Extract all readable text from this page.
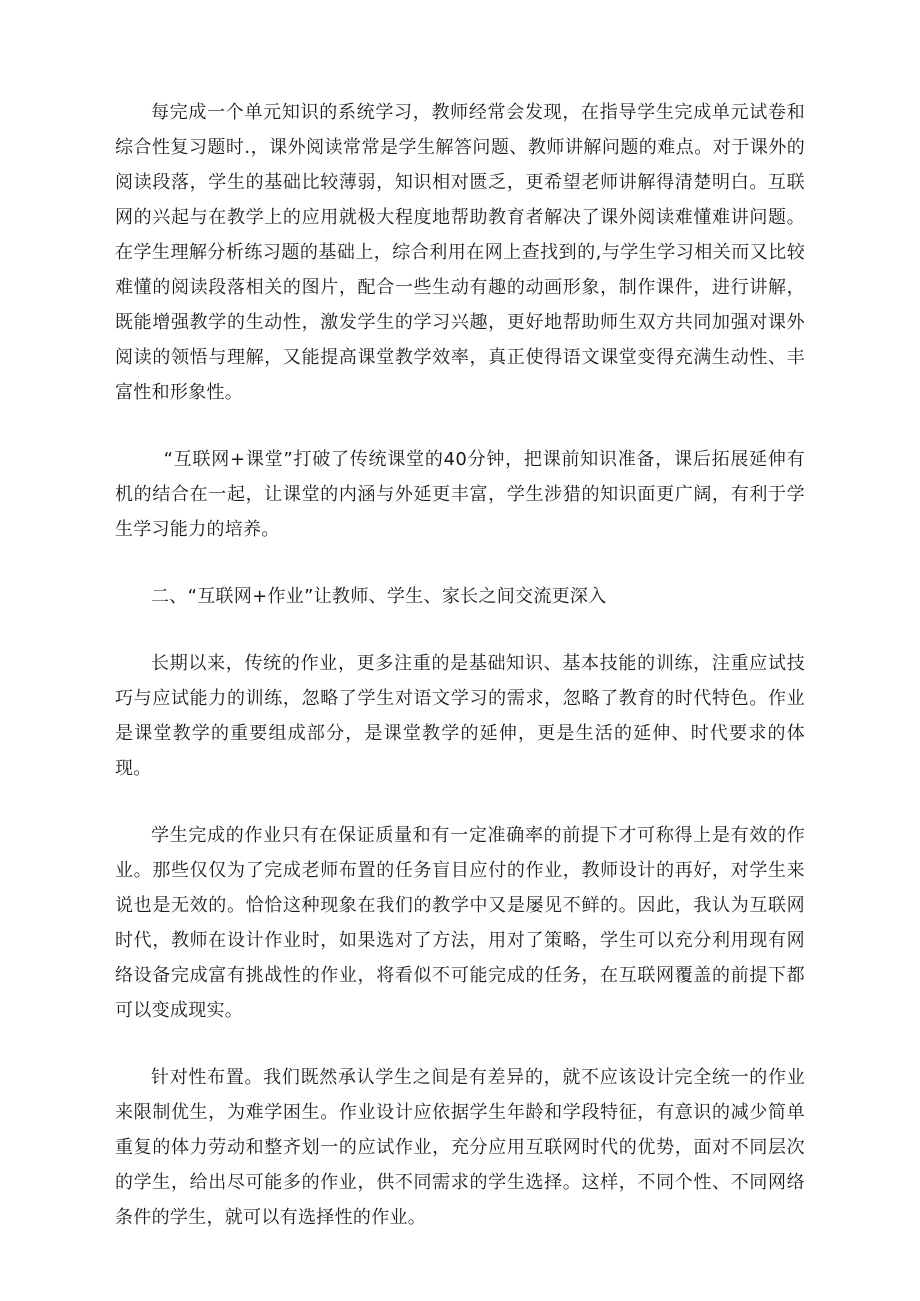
每完成一个单元知识的系统学习，教师经常会发现，在指导学生完成单元试卷和综合性复习题时.，课外阅读常常是学生解答问题、教师讲解问题的难点。对于课外的阅读段落，学生的基础比较薄弱，知识相对匮乏，更希望老师讲解得清楚明白。互联网的兴起与在教学上的应用就极大程度地帮助教育者解决了课外阅读难懂难讲问题。在学生理解分析练习题的基础上，综合利用在网上查找到的,与学生学习相关而又比较难懂的阅读段落相关的图片，配合一些生动有趣的动画形象，制作课件，进行讲解，既能增强教学的生动性，激发学生的学习兴趣，更好地帮助师生双方共同加强对课外阅读的领悟与理解，又能提高课堂教学效率，真正使得语文课堂变得充满生动性、丰富性和形象性。

“互联网+课堂”打破了传统课堂的40分钟，把课前知识准备，课后拓展延伸有机的结合在一起，让课堂的内涵与外延更丰富，学生涉猎的知识面更广阔，有利于学生学习能力的培养。

二、“互联网+作业”让教师、学生、家长之间交流更深入

长期以来，传统的作业，更多注重的是基础知识、基本技能的训练，注重应试技巧与应试能力的训练，忽略了学生对语文学习的需求，忽略了教育的时代特色。作业是课堂教学的重要组成部分，是课堂教学的延伸，更是生活的延伸、时代要求的体现。

学生完成的作业只有在保证质量和有一定准确率的前提下才可称得上是有效的作业。那些仅仅为了完成老师布置的任务盲目应付的作业，教师设计的再好，对学生来说也是无效的。恰恰这种现象在我们的教学中又是屡见不鲜的。因此，我认为互联网时代，教师在设计作业时，如果选对了方法，用对了策略，学生可以充分利用现有网络设备完成富有挑战性的作业，将看似不可能完成的任务，在互联网覆盖的前提下都可以变成现实。

针对性布置。我们既然承认学生之间是有差异的，就不应该设计完全统一的作业来限制优生，为难学困生。作业设计应依据学生年龄和学段特征，有意识的减少简单重复的体力劳动和整齐划一的应试作业，充分应用互联网时代的优势，面对不同层次的学生，给出尽可能多的作业，供不同需求的学生选择。这样，不同个性、不同网络条件的学生，就可以有选择性的作业。
